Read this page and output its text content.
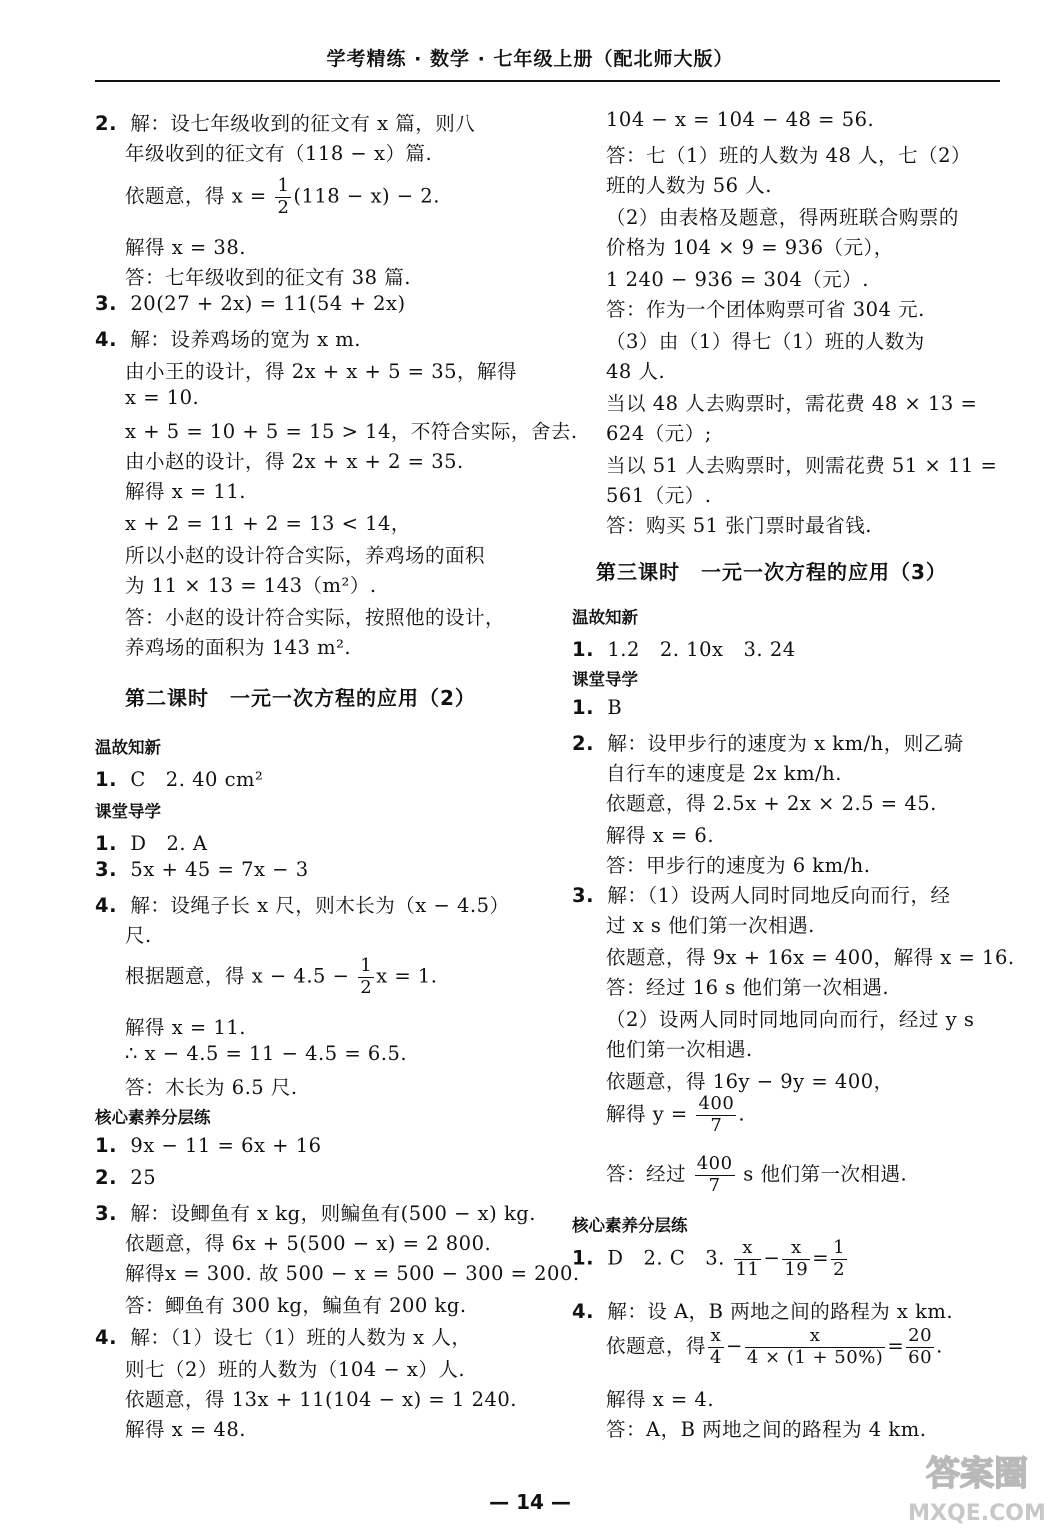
学考精练 · 数学 · 七年级上册（配北师大版）
2. 解：设七年级收到的征文有 x 篇，则八
年级收到的征文有（118 − x）篇.
依题意，得 $x = \frac{1}{2} (118 - x) - 2$.
解得 x = 38.
答：七年级收到的征文有 38 篇.
3. 20(27 + 2x) = 11(54 + 2x)
4. 解：设养鸡场的宽为 x m.
由小王的设计，得 2x + x + 5 = 35，解得
x = 10.
x + 5 = 10 + 5 = 15 > 14，不符合实际，舍去.
由小赵的设计，得 2x + x + 2 = 35.
解得 x = 11.
x + 2 = 11 + 2 = 13 < 14，
所以小赵的设计符合实际，养鸡场的面积
为 11 × 13 = 143（m²）.
答：小赵的设计符合实际，按照他的设计，
养鸡场的面积为 143 m².
第二课时　一元一次方程的应用（2）
温故知新
1. C　2. 40 cm²
课堂导学
1. D　2. A
3. 5x + 45 = 7x − 3
4. 解：设绳子长 x 尺，则木长为（x − 4.5）
尺.
根据题意，得 $x - 4.5 - \frac{1}{2}$ x = 1.
解得 x = 11.
∴ x − 4.5 = 11 − 4.5 = 6.5.
答：木长为 6.5 尺.
核心素养分层练
1. 9x − 11 = 6x + 16
2. 25
3. 解：设鲫鱼有 x kg，则鳊鱼有(500 − x) kg.
依题意，得 6x + 5(500 − x) = 2 800.
解得x = 300. 故 500 − x = 500 − 300 = 200.
答：鲫鱼有 300 kg，鳊鱼有 200 kg.
4. 解：（1）设七（1）班的人数为 x 人，
则七（2）班的人数为（104 − x）人.
依题意，得 13x + 11(104 − x) = 1 240.
解得 x = 48.
104 − x = 104 − 48 = 56.
答：七（1）班的人数为 48 人，七（2）
班的人数为 56 人.
（2）由表格及题意，得两班联合购票的
价格为 104 × 9 = 936（元），
1 240 − 936 = 304（元）.
答：作为一个团体购票可省 304 元.
（3）由（1）得七（1）班的人数为
48 人.
当以 48 人去购票时，需花费 48 × 13 =
624（元）;
当以 51 人去购票时，则需花费 51 × 11 =
561（元）.
答：购买 51 张门票时最省钱.
第三课时　一元一次方程的应用（3）
温故知新
1. 1.2　2. 10x　3. 24
课堂导学
1. B
2. 解：设甲步行的速度为 x km/h，则乙骑
自行车的速度是 2x km/h.
依题意，得 2.5x + 2x × 2.5 = 45.
解得 x = 6.
答：甲步行的速度为 6 km/h.
3. 解：（1）设两人同时同地反向而行，经
过 x s 他们第一次相遇.
依题意，得 9x + 16x = 400，解得 x = 16.
答：经过 16 s 他们第一次相遇.
（2）设两人同时同地同向而行，经过 y s
他们第一次相遇.
依题意，得 16y − 9y = 400，
解得 $y = \frac{400}{7}$ .
答：经过 $\frac{400}{7}$ s 他们第一次相遇.
核心素养分层练
1. D　2. C　3. $\frac{x}{11} - \frac{x}{19} = \frac{1}{2}$
4. 解：设 A，B 两地之间的路程为 x km.
依题意，得 $\frac{x}{4} - \frac{x}{4 \times (1 + 50\%)} = \frac{20}{60}$ .
解得 x = 4.
答：A，B 两地之间的路程为 4 km.
— 14 —
答案圈
MXQE.COM
